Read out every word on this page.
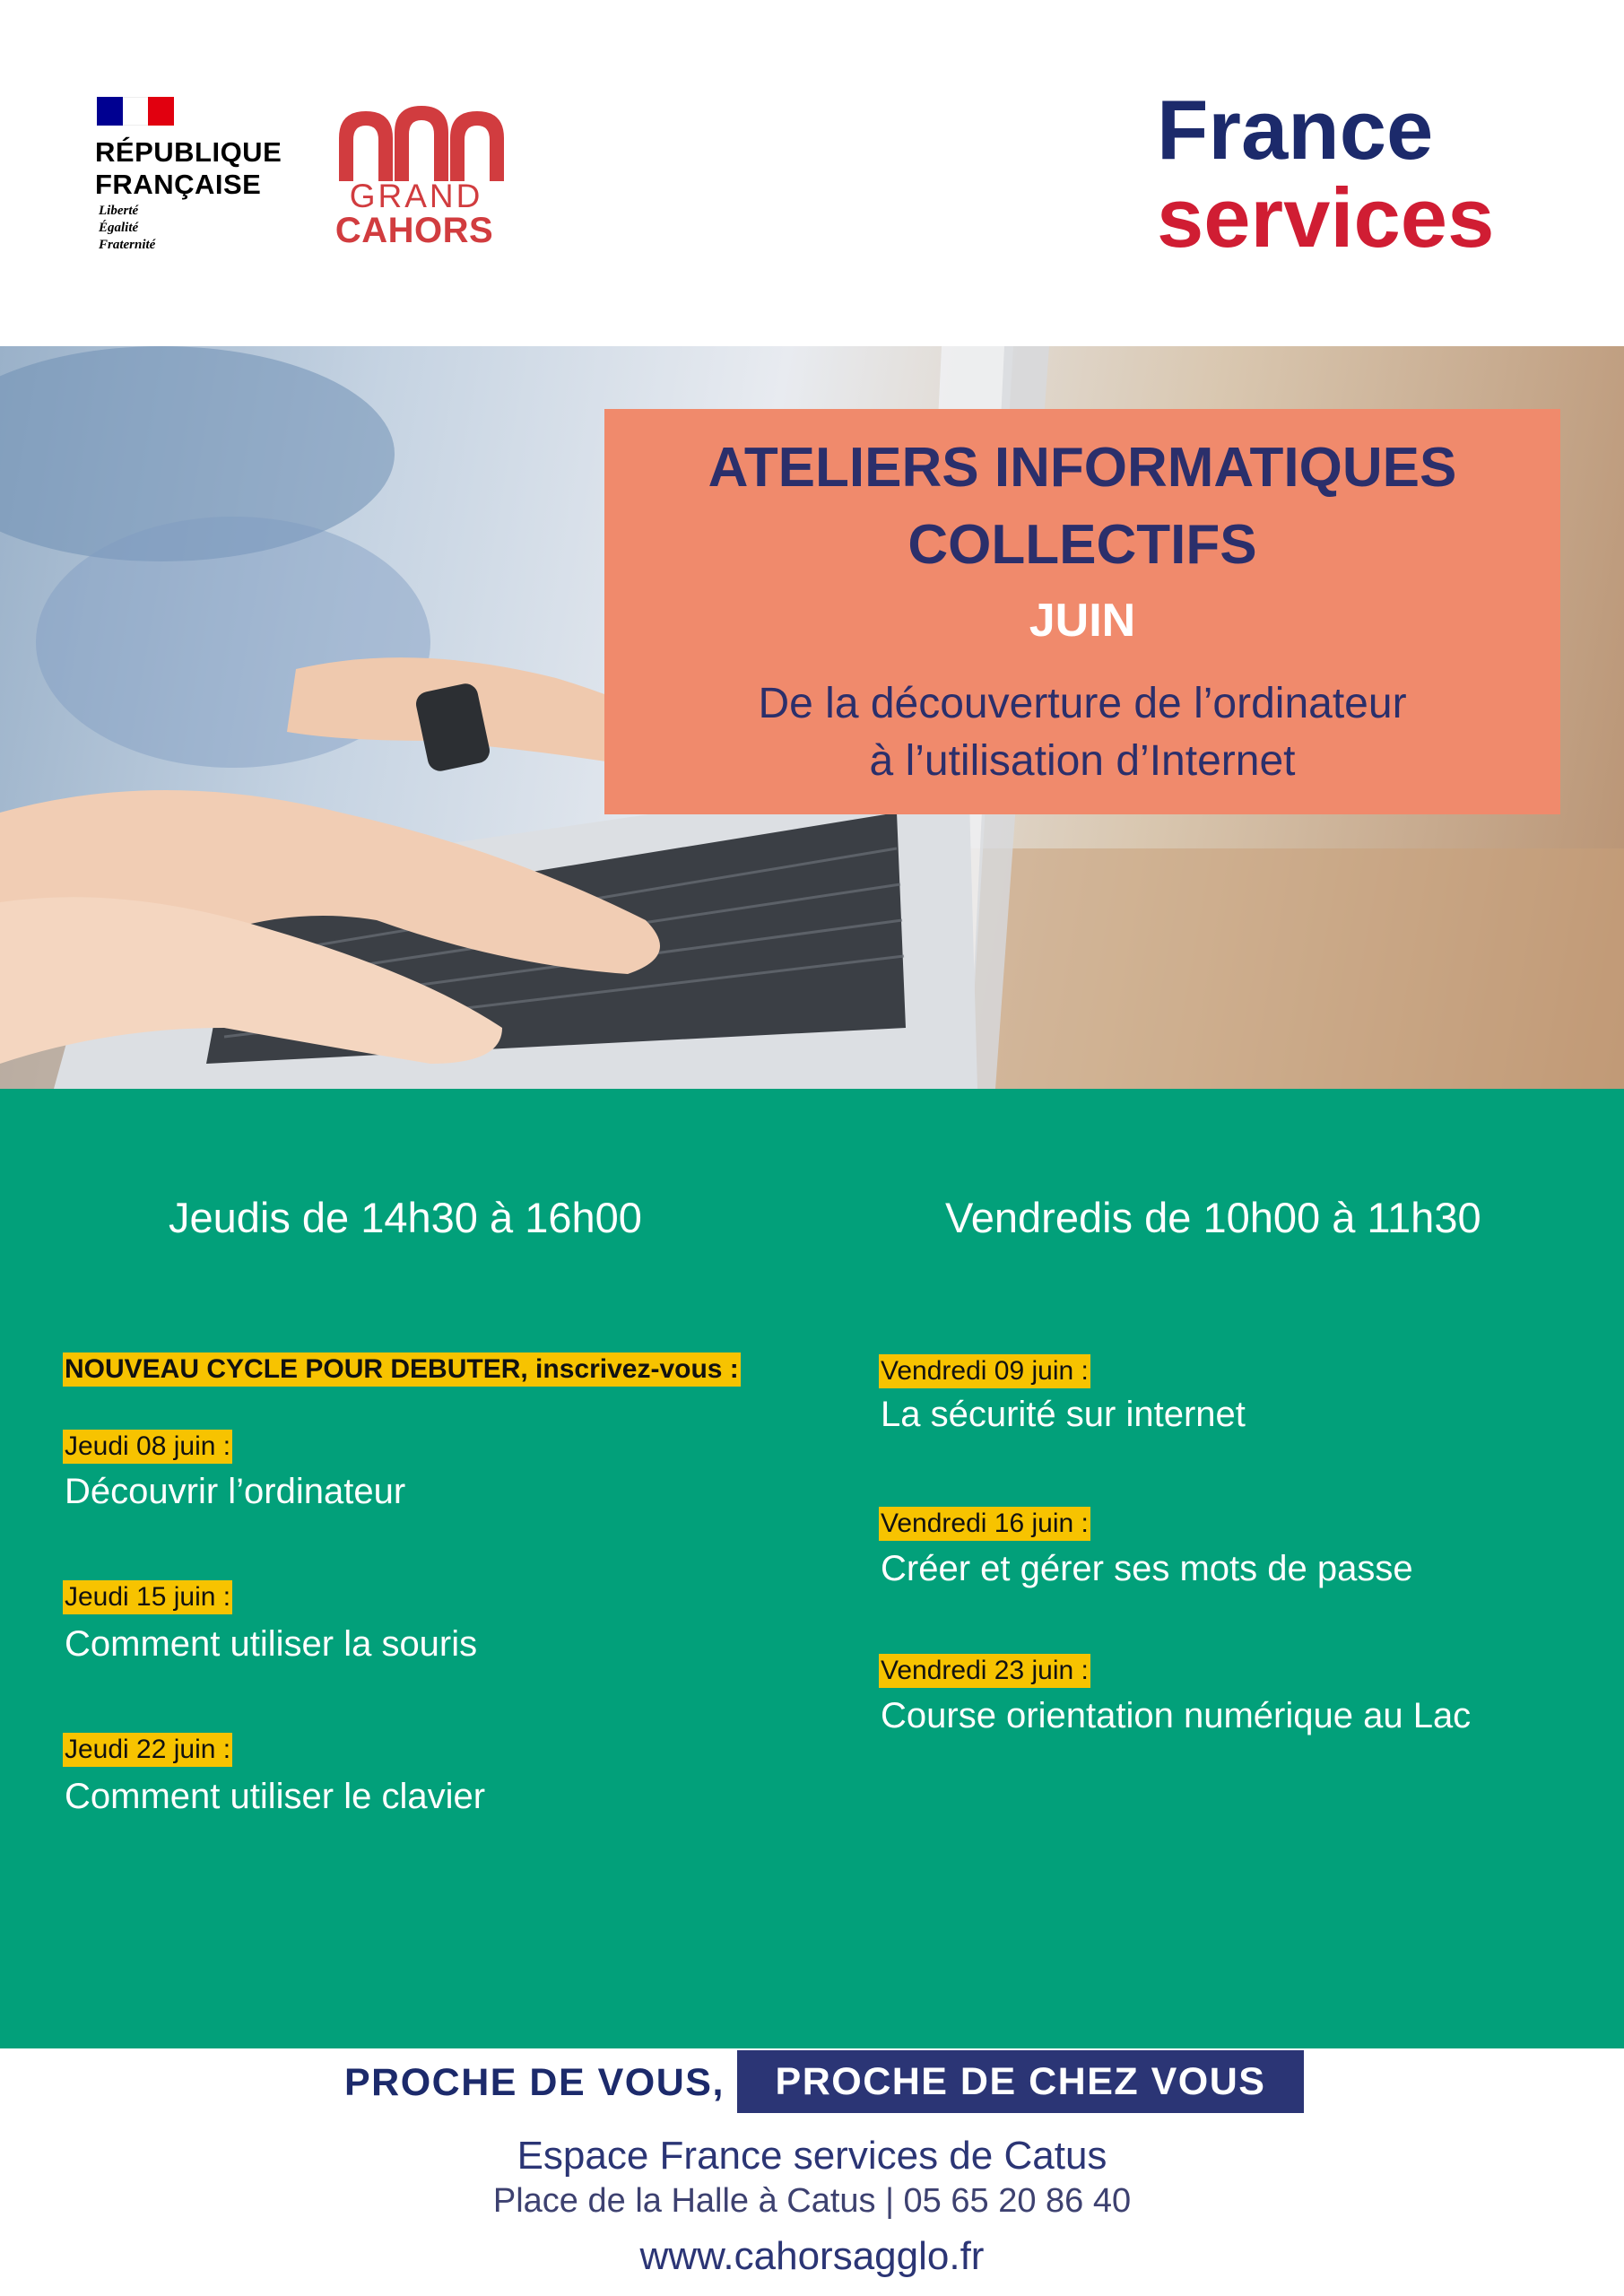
RÉPUBLIQUE
FRANÇAISE
Liberté
Égalité
Fraternité
GRAND
CAHORS
France
services
ATELIERS INFORMATIQUES
COLLECTIFS
JUIN
De la découverture de l’ordinateur
à l’utilisation d’Internet
Jeudis de 14h30 à 16h00	Vendredis de 10h00 à 11h30
NOUVEAU CYCLE POUR DEBUTER, inscrivez-vous :
Jeudi 08 juin :
Découvrir l’ordinateur
Jeudi 15 juin :
Comment utiliser la souris
Jeudi 22 juin :
Comment utiliser le clavier
Vendredi 09 juin :
La sécurité sur internet
Vendredi 16 juin :
Créer et gérer ses mots de passe
Vendredi 23 juin :
Course orientation numérique au Lac
PROCHE DE VOUS,	PROCHE DE CHEZ VOUS
Espace France services de Catus
Place de la Halle à Catus | 05 65 20 86 40
www.cahorsagglo.fr
